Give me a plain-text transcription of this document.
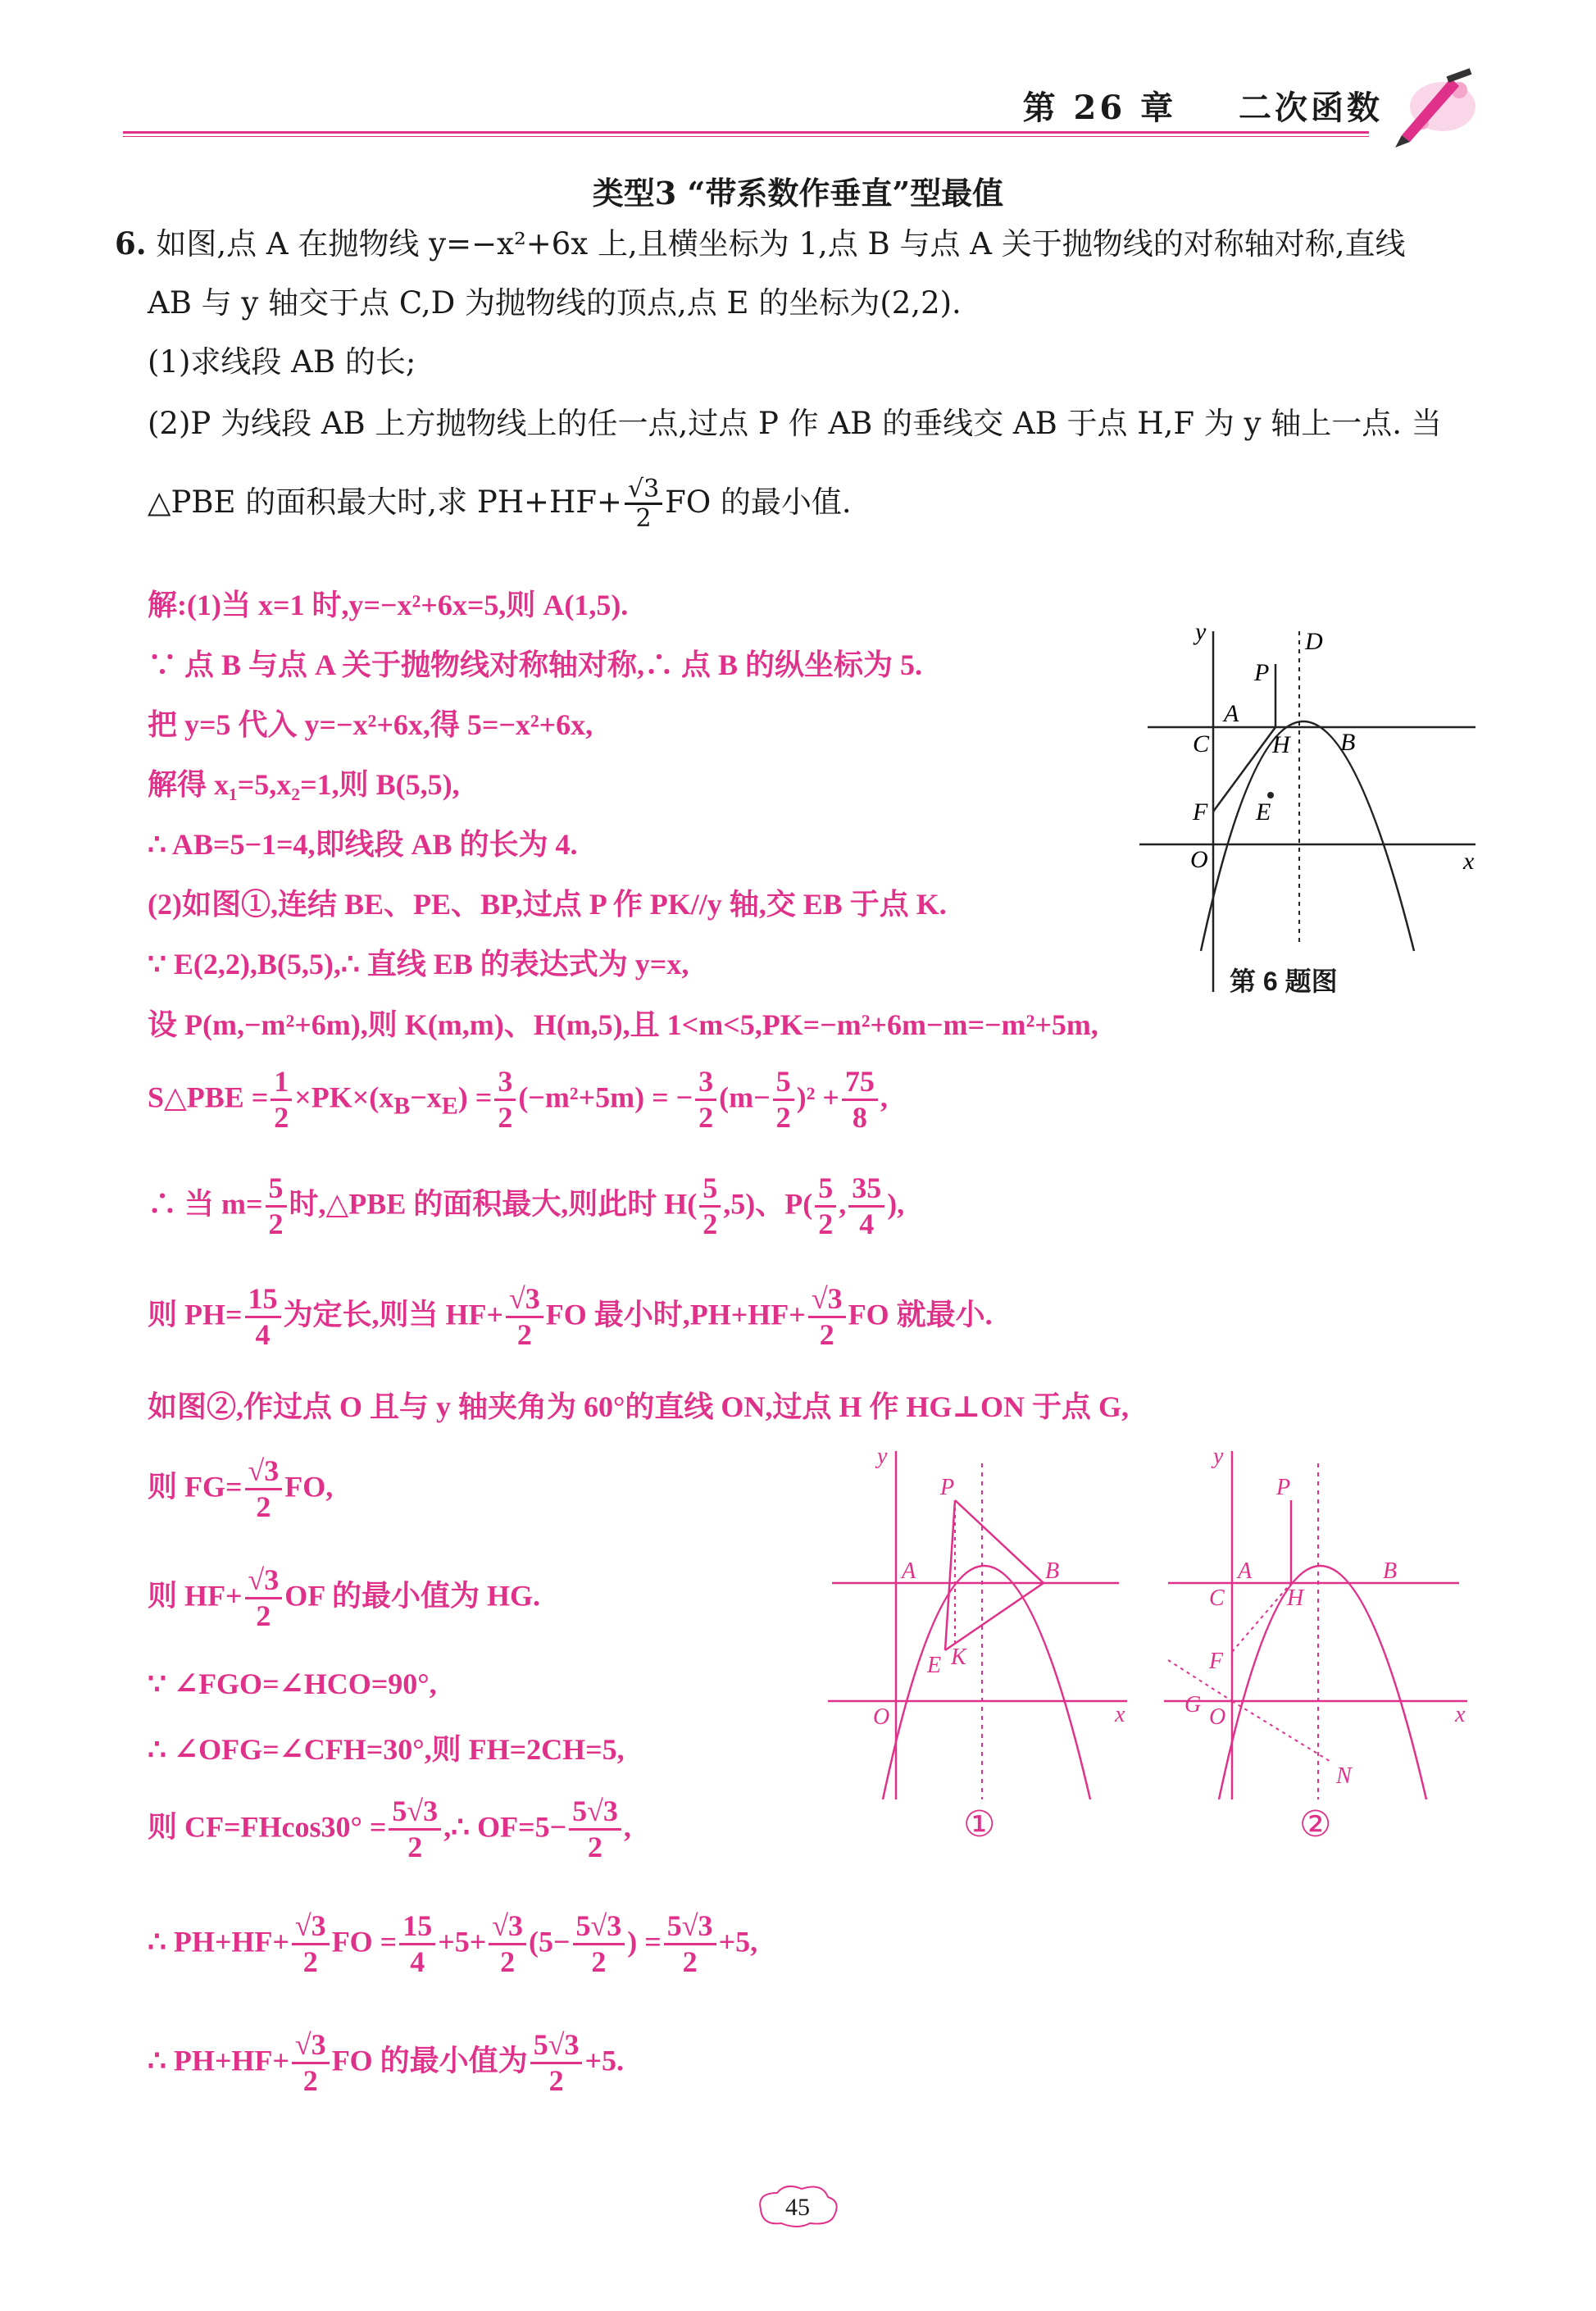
第 26 章 二次函数
类型3 “带系数作垂直”型最值
6. 如图,点 A 在抛物线 y=−x²+6x 上,且横坐标为 1,点 B 与点 A 关于抛物线的对称轴对称,直线
AB 与 y 轴交于点 C,D 为抛物线的顶点,点 E 的坐标为(2,2).
(1)求线段 AB 的长;
(2)P 为线段 AB 上方抛物线上的任一点,过点 P 作 AB 的垂线交 AB 于点 H,F 为 y 轴上一点. 当
△PBE 的面积最大时,求 $PH+HF+ \frac{√3}{2}$ FO 的最小值.
解:(1)当 x=1 时,y=−x²+6x=5,则 A(1,5).
∵ 点 B 与点 A 关于抛物线对称轴对称,∴ 点 B 的纵坐标为 5.
把 y=5 代入 y=−x²+6x,得 5=−x²+6x,
解得 x₁=5,x₂=1,则 B(5,5),
∴ AB=5−1=4,即线段 AB 的长为 4.
(2)如图①,连结 BE、PE、BP,过点 P 作 PK//y 轴,交 EB 于点 K.
∵ E(2,2),B(5,5),∴ 直线 EB 的表达式为 y=x,
设 P(m,−m²+6m),则 K(m,m)、H(m,5),且 1<m<5,PK=−m²+6m−m=−m²+5m,
S△PBE = $\frac{1}{2} \times PK\times(x_B-x_E) = \frac{3}{2} (-m^2+5m)$ = − $\frac{3}{2} (m- \frac{5}{2} )^2 + \frac{75}{8}$ ,
∴ 当 $m= \frac{5}{2}$ 时,△PBE 的面积最大,则此时 $H( \frac{5}{2} ,5)$、$P( \frac{5}{2}$ , $\frac{35}{4}$ ),
则 $PH= \frac{15}{4}$ 为定长,则当 $HF+ \frac{√3}{2}$ FO 最小时$,PH+HF+ \frac{√3}{2}$ FO 就最小.
如图②,作过点 O 且与 y 轴夹角为 60°的直线 ON,过点 H 作 HG⊥ON 于点 G,
则 $FG= \frac{√3}{2}$ FO,
则 $HF+ \frac{√3}{2}$ OF 的最小值为 HG.
∵ ∠FGO=∠HCO=90°,
∴ ∠OFG=∠CFH=30°,则 FH=2CH=5,
则 $CF=FHcos30^\circ = \frac{5√3}{2}$ ,∴ $OF=5- \frac{5√3}{2}$ ,
∴ $PH+HF+ \frac{√3}{2}$ FO = $\frac{15}{4} +5+ \frac{√3}{2} (5- \frac{5√3}{2}$ ) = $\frac{5√3}{2} +5$,
∴ $PH+HF+ \frac{√3}{2}$ FO 的最小值为 $\frac{5√3}{2} +5$.
y
x
O
D
P
A
C	H B
F E
第 6 题图
y
x
O
P
A	B
E K
①
y
x
O
P
A	B
C	H
F
G
N
②
45
